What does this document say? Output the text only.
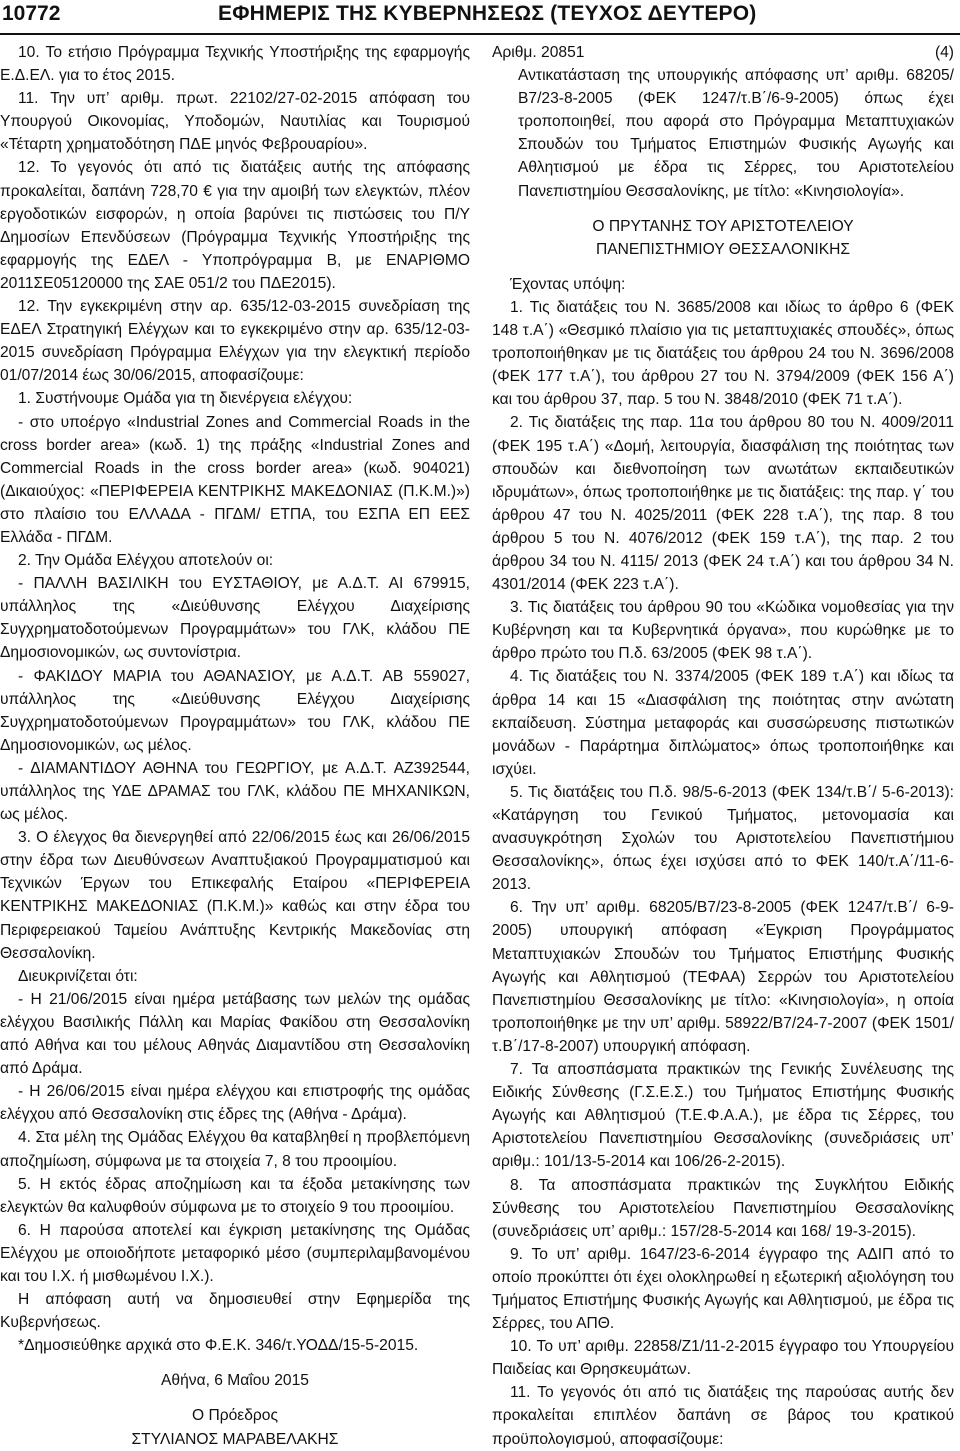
10772	ΕΦΗΜΕΡΙΣ ΤΗΣ ΚΥΒΕΡΝΗΣΕΩΣ (ΤΕΥΧΟΣ ΔΕΥΤΕΡΟ)

10. Το ετήσιο Πρόγραμμα Τεχνικής Υποστήριξης της εφαρμογής Ε.Δ.ΕΛ. για το έτος 2015.

11. Την υπ’ αριθμ. πρωτ. 22102/27-02-2015 απόφαση του Υπουργού Οικονομίας, Υποδομών, Ναυτιλίας και Τουρισμού «Τέταρτη χρηματοδότηση ΠΔΕ μηνός Φεβρουαρίου».

12. Το γεγονός ότι από τις διατάξεις αυτής της απόφασης προκαλείται, δαπάνη 728,70 € για την αμοιβή των ελεγκτών, πλέον εργοδοτικών εισφορών, η οποία βαρύνει τις πιστώσεις του Π/Υ Δημοσίων Επενδύσεων (Πρόγραμμα Τεχνικής Υποστήριξης της εφαρμογής της ΕΔΕΛ - Υποπρόγραμμα Β, με ΕΝΑΡΙΘΜΟ 2011ΣΕ05120000 της ΣΑΕ 051/2 του ΠΔΕ2015).

12. Την εγκεκριμένη στην αρ. 635/12-03-2015 συνεδρίαση της ΕΔΕΛ Στρατηγική Ελέγχων και το εγκεκριμένο στην αρ. 635/12-03-2015 συνεδρίαση Πρόγραμμα Ελέγχων για την ελεγκτική περίοδο 01/07/2014 έως 30/06/2015, αποφασίζουμε:

1. Συστήνουμε Ομάδα για τη διενέργεια ελέγχου:

- στο υποέργο «Industrial Zones and Commercial Roads in the cross border area» (κωδ. 1) της πράξης «Industrial Zones and Commercial Roads in the cross border area» (κωδ. 904021) (Δικαιούχος: «ΠΕΡΙΦΕΡΕΙΑ ΚΕΝΤΡΙΚΗΣ ΜΑΚΕΔΟΝΙΑΣ (Π.Κ.Μ.)») στο πλαίσιο του ΕΛΛΑΔΑ - ΠΓΔΜ/ ΕΤΠΑ, του ΕΣΠΑ ΕΠ ΕΕΣ Ελλάδα - ΠΓΔΜ.

2. Την Ομάδα Ελέγχου αποτελούν οι:

- ΠΑΛΛΗ ΒΑΣΙΛΙΚΗ του ΕΥΣΤΑΘΙΟΥ, με Α.Δ.Τ. ΑΙ 679915, υπάλληλος της «Διεύθυνσης Ελέγχου Διαχείρισης Συγχρηματοδοτούμενων Προγραμμάτων» του ΓΛΚ, κλάδου ΠΕ Δημοσιονομικών, ως συντονίστρια.

- ΦΑΚΙΔΟΥ ΜΑΡΙΑ του ΑΘΑΝΑΣΙΟΥ, με Α.Δ.Τ. ΑΒ 559027, υπάλληλος της «Διεύθυνσης Ελέγχου Διαχείρισης Συγχρηματοδοτούμενων Προγραμμάτων» του ΓΛΚ, κλάδου ΠΕ Δημοσιονομικών, ως μέλος.

- ΔΙΑΜΑΝΤΙΔΟΥ ΑΘΗΝΑ του ΓΕΩΡΓΙΟΥ, με Α.Δ.Τ. ΑΖ392544, υπάλληλος της ΥΔΕ ΔΡΑΜΑΣ του ΓΛΚ, κλάδου ΠΕ ΜΗΧΑΝΙΚΩΝ, ως μέλος.

3. Ο έλεγχος θα διενεργηθεί από 22/06/2015 έως και 26/06/2015 στην έδρα των Διευθύνσεων Αναπτυξιακού Προγραμματισμού και Τεχνικών Έργων του Επικεφαλής Εταίρου «ΠΕΡΙΦΕΡΕΙΑ ΚΕΝΤΡΙΚΗΣ ΜΑΚΕΔΟΝΙΑΣ (Π.Κ.Μ.)» καθώς και στην έδρα του Περιφερειακού Ταμείου Ανάπτυξης Κεντρικής Μακεδονίας στη Θεσσαλονίκη.

Διευκρινίζεται ότι:

- Η 21/06/2015 είναι ημέρα μετάβασης των μελών της ομάδας ελέγχου Βασιλικής Πάλλη και Μαρίας Φακίδου στη Θεσσαλονίκη από Αθήνα και του μέλους Αθηνάς Διαμαντίδου στη Θεσσαλονίκη από Δράμα.

- Η 26/06/2015 είναι ημέρα ελέγχου και επιστροφής της ομάδας ελέγχου από Θεσσαλονίκη στις έδρες της (Αθήνα - Δράμα).

4. Στα μέλη της Ομάδας Ελέγχου θα καταβληθεί η προβλεπόμενη αποζημίωση, σύμφωνα με τα στοιχεία 7, 8 του προοιμίου.

5. Η εκτός έδρας αποζημίωση και τα έξοδα μετακίνησης των ελεγκτών θα καλυφθούν σύμφωνα με το στοιχείο 9 του προοιμίου.

6. Η παρούσα αποτελεί και έγκριση μετακίνησης της Ομάδας Ελέγχου με οποιοδήποτε μεταφορικό μέσο (συμπεριλαμβανομένου και του Ι.Χ. ή μισθωμένου Ι.Χ.).

Η απόφαση αυτή να δημοσιευθεί στην Εφημερίδα της Κυβερνήσεως.

*Δημοσιεύθηκε αρχικά στο Φ.Ε.Κ. 346/τ.ΥΟΔΔ/15-5-2015.

Αθήνα, 6 Μαΐου 2015

Ο Πρόεδρος

ΣΤΥΛΙΑΝΟΣ ΜΑΡΑΒΕΛΑΚΗΣ

Αριθμ. 20851	(4)

Αντικατάσταση της υπουργικής απόφασης υπ’ αριθμ. 68205/Β7/23-8-2005 (ΦΕΚ 1247/τ.Β΄/6-9-2005) όπως έχει τροποποιηθεί, που αφορά στο Πρόγραμμα Μεταπτυχιακών Σπουδών του Τμήματος Επιστημών Φυσικής Αγωγής και Αθλητισμού με έδρα τις Σέρρες, του Αριστοτελείου Πανεπιστημίου Θεσσαλονίκης, με τίτλο: «Κινησιολογία».

Ο ΠΡΥΤΑΝΗΣ ΤΟΥ ΑΡΙΣΤΟΤΕΛΕΙΟΥ

ΠΑΝΕΠΙΣΤΗΜΙΟΥ ΘΕΣΣΑΛΟΝΙΚΗΣ

Έχοντας υπόψη:

1. Τις διατάξεις του Ν. 3685/2008 και ιδίως το άρθρο 6 (ΦΕΚ 148 τ.Α΄) «Θεσμικό πλαίσιο για τις μεταπτυχιακές σπουδές», όπως τροποποιήθηκαν με τις διατάξεις του άρθρου 24 του Ν. 3696/2008 (ΦΕΚ 177 τ.Α΄), του άρθρου 27 του Ν. 3794/2009 (ΦΕΚ 156 Α΄) και του άρθρου 37, παρ. 5 του Ν. 3848/2010 (ΦΕΚ 71 τ.Α΄).

2. Τις διατάξεις της παρ. 11α του άρθρου 80 του Ν. 4009/2011 (ΦΕΚ 195 τ.Α΄) «Δομή, λειτουργία, διασφάλιση της ποιότητας των σπουδών και διεθνοποίηση των ανωτάτων εκπαιδευτικών ιδρυμάτων», όπως τροποποιήθηκε με τις διατάξεις: της παρ. γ΄ του άρθρου 47 του Ν. 4025/2011 (ΦΕΚ 228 τ.Α΄), της παρ. 8 του άρθρου 5 του Ν. 4076/2012 (ΦΕΚ 159 τ.Α΄), της παρ. 2 του άρθρου 34 του Ν. 4115/ 2013 (ΦΕΚ 24 τ.Α΄) και του άρθρου 34 Ν. 4301/2014 (ΦΕΚ 223 τ.Α΄).

3. Τις διατάξεις του άρθρου 90 του «Κώδικα νομοθεσίας για την Κυβέρνηση και τα Κυβερνητικά όργανα», που κυρώθηκε με το άρθρο πρώτο του Π.δ. 63/2005 (ΦΕΚ 98 τ.Α΄).

4. Τις διατάξεις του Ν. 3374/2005 (ΦΕΚ 189 τ.Α΄) και ιδίως τα άρθρα 14 και 15 «Διασφάλιση της ποιότητας στην ανώτατη εκπαίδευση. Σύστημα μεταφοράς και συσσώρευσης πιστωτικών μονάδων - Παράρτημα διπλώματος» όπως τροποποιήθηκε και ισχύει.

5. Τις διατάξεις του Π.δ. 98/5-6-2013 (ΦΕΚ 134/τ.Β΄/ 5-6-2013): «Κατάργηση του Γενικού Τμήματος, μετονομασία και ανασυγκρότηση Σχολών του Αριστοτελείου Πανεπιστήμιου Θεσσαλονίκης», όπως έχει ισχύσει από το ΦΕΚ 140/τ.Α΄/11-6-2013.

6. Την υπ’ αριθμ. 68205/Β7/23-8-2005 (ΦΕΚ 1247/τ.Β΄/ 6-9-2005) υπουργική απόφαση «Έγκριση Προγράμματος Μεταπτυχιακών Σπουδών του Τμήματος Επιστήμης Φυσικής Αγωγής και Αθλητισμού (ΤΕΦΑΑ) Σερρών του Αριστοτελείου Πανεπιστημίου Θεσσαλονίκης με τίτλο: «Κινησιολογία», η οποία τροποποιήθηκε με την υπ’ αριθμ. 58922/Β7/24-7-2007 (ΦΕΚ 1501/τ.Β΄/17-8-2007) υπουργική απόφαση.

7. Τα αποσπάσματα πρακτικών της Γενικής Συνέλευσης της Ειδικής Σύνθεσης (Γ.Σ.Ε.Σ.) του Τμήματος Επιστήμης Φυσικής Αγωγής και Αθλητισμού (Τ.Ε.Φ.Α.Α.), με έδρα τις Σέρρες, του Αριστοτελείου Πανεπιστημίου Θεσσαλονίκης (συνεδριάσεις υπ’ αριθμ.: 101/13-5-2014 και 106/26-2-2015).

8. Τα αποσπάσματα πρακτικών της Συγκλήτου Ειδικής Σύνθεσης του Αριστοτελείου Πανεπιστημίου Θεσσαλονίκης (συνεδριάσεις υπ’ αριθμ.: 157/28-5-2014 και 168/ 19-3-2015).

9. Το υπ’ αριθμ. 1647/23-6-2014 έγγραφο της ΑΔΙΠ από το οποίο προκύπτει ότι έχει ολοκληρωθεί η εξωτερική αξιολόγηση του Τμήματος Επιστήμης Φυσικής Αγωγής και Αθλητισμού, με έδρα τις Σέρρες, του ΑΠΘ.

10. Το υπ’ αριθμ. 22858/Ζ1/11-2-2015 έγγραφο του Υπουργείου Παιδείας και Θρησκευμάτων.

11. Το γεγονός ότι από τις διατάξεις της παρούσας αυτής δεν προκαλείται επιπλέον δαπάνη σε βάρος του κρατικού προϋπολογισμού, αποφασίζουμε:
